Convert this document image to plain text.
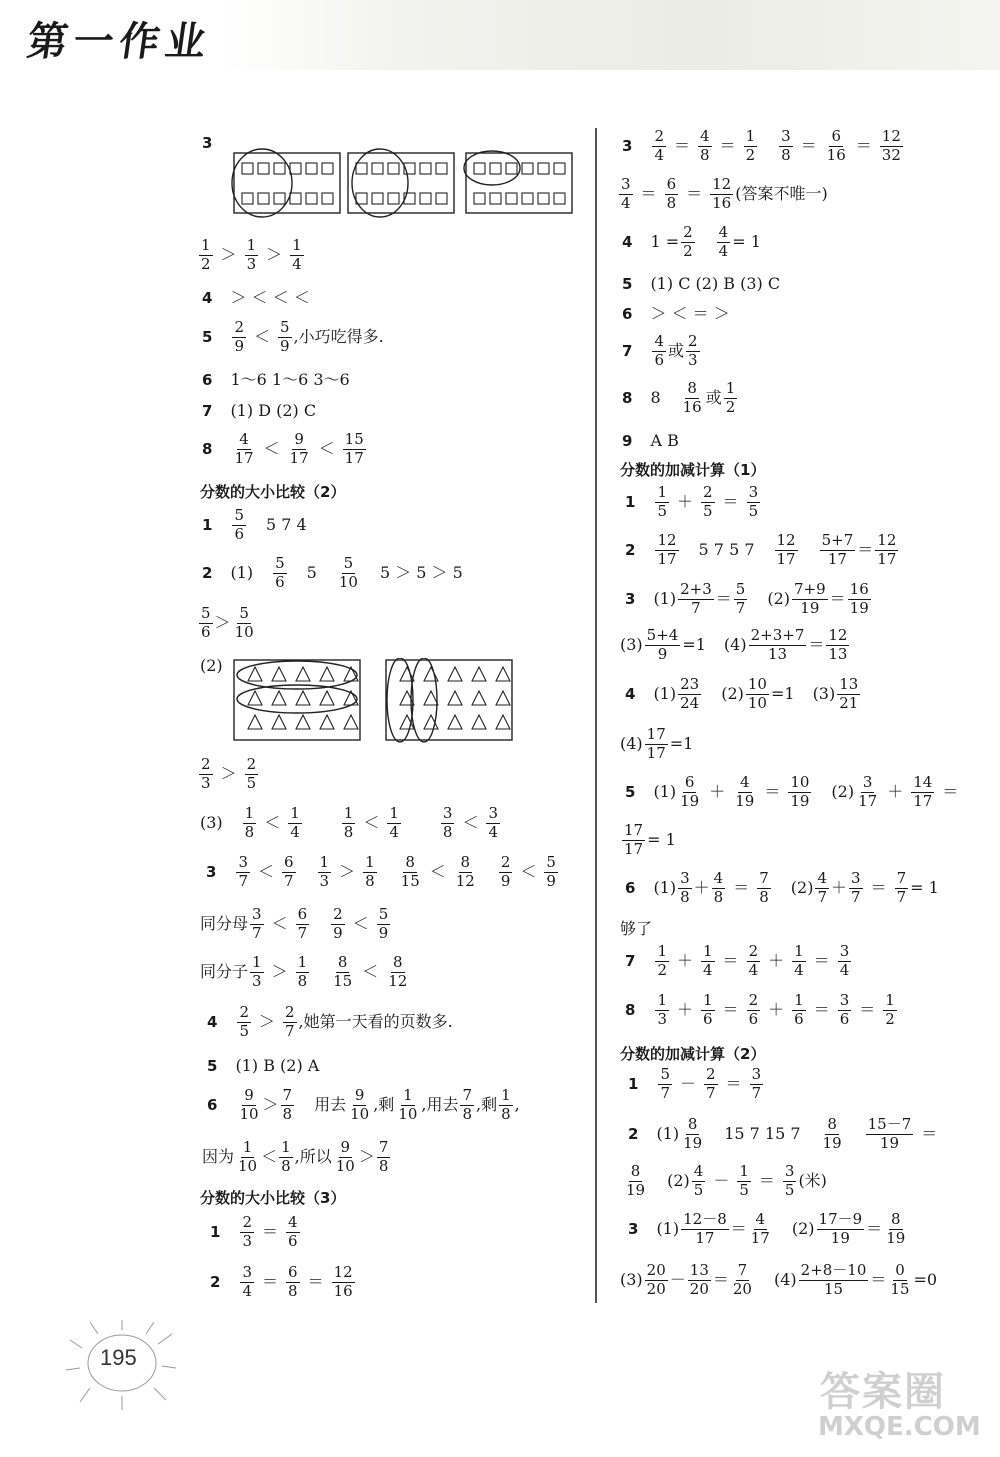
第一作业
3
1
2 ＞
1
3 ＞
1
4
4 ＞ ＜ ＜ ＜
5
2
9 ＜
5
9 ,小巧吃得多.
6 1～6 1～6 3～6
7 (1) D (2) C
8
4
17 ＜
9
17 ＜
15
17
分数的大小比较（2）
1
5
6 5 7 4
2 (1)
5
6 5
5
10 5 ＞ 5 ＞ 5
5
6 ＞
5
10
(2)
2
3 ＞
2
5
(3)
1
8 ＜
1
4
1
8 ＜
1
4
3
8 ＜
3
4
3
3
7 ＜
6
7
1
3 ＞
1
8
8
15 ＜
8
12
2
9 ＜
5
9
同分母
3
7 ＜
6
7
2
9 ＜
5
9
同分子
1
3 ＞
1
8
8
15 ＜
8
12
4
2
5 ＞
2
7 ,她第一天看的页数多.
5 (1) B (2) A
6
9
10 ＞
7
8 用去
9
10 ,剩
1
10 ,用去
7
8 ,剩
1
8 ,
因为
1
10 ＜
1
8 ,所以
9
10 ＞
7
8
分数的大小比较（3）
1
2
3 ＝
4
6
2
3
4 ＝
6
8 ＝
12
16
3
2
4 ＝
4
8 ＝
1
2
3
8 ＝
6
16 ＝
12
32
3
4 ＝
6
8 ＝
12
16 (答案不唯一)
4 $1 = \frac{2}{2} \frac{4}{4} = 1$
5 (1) C (2) B (3) C
6 ＞ ＜ ＝ ＞
7
4
6 或
2
3
8 8
8
16 或
1
2
9 A B
分数的加减计算（1）
1
1
5 ＋
2
5 ＝
3
5
2
12
17 5 7 5 7
12
17
5+7
17 ＝
12
17
3 (1)
2+3
7 ＝
5
7 (2)
7+9
19 ＝
16
19
$(3) \frac{5+4}{9} =1$ (4)
2+3+7
13 ＝
12
13
4 (1)
23
24 $(2) \frac{10}{10} =1$ (3)
13
21
$(4) \frac{17}{17} =1$
5 (1)
6
19 ＋
4
19 ＝
10
19 (2)
3
17 ＋
14
17 ＝
$\frac{17}{17} = 1$
6 (1)
3
8 ＋
4
8 ＝
7
8 (2)
4
7 ＋
3
$7 = \frac{7}{7} = 1$
够了
7
1
2 ＋
1
4 ＝
2
4 ＋
1
4 ＝
3
4
8
1
3 ＋
1
6 ＝
2
6 ＋
1
6 ＝
3
6 ＝
1
2
分数的加减计算（2）
1
5
7 －
2
7 ＝
3
7
2 (1)
8
19 15 7 15 7
8
19
15－7
19 ＝
8
19 (2)
4
5 －
1
5 ＝
3
5 (米)
3 (1)
12－8
17 ＝
4
17 (2)
17－9
19 ＝
8
19
(3)
20
20 －
13
20 ＝
7
20 (4)
2+8－10
$15 = \frac{0}{15} =0$
195
答案圈
MXQE.COM
